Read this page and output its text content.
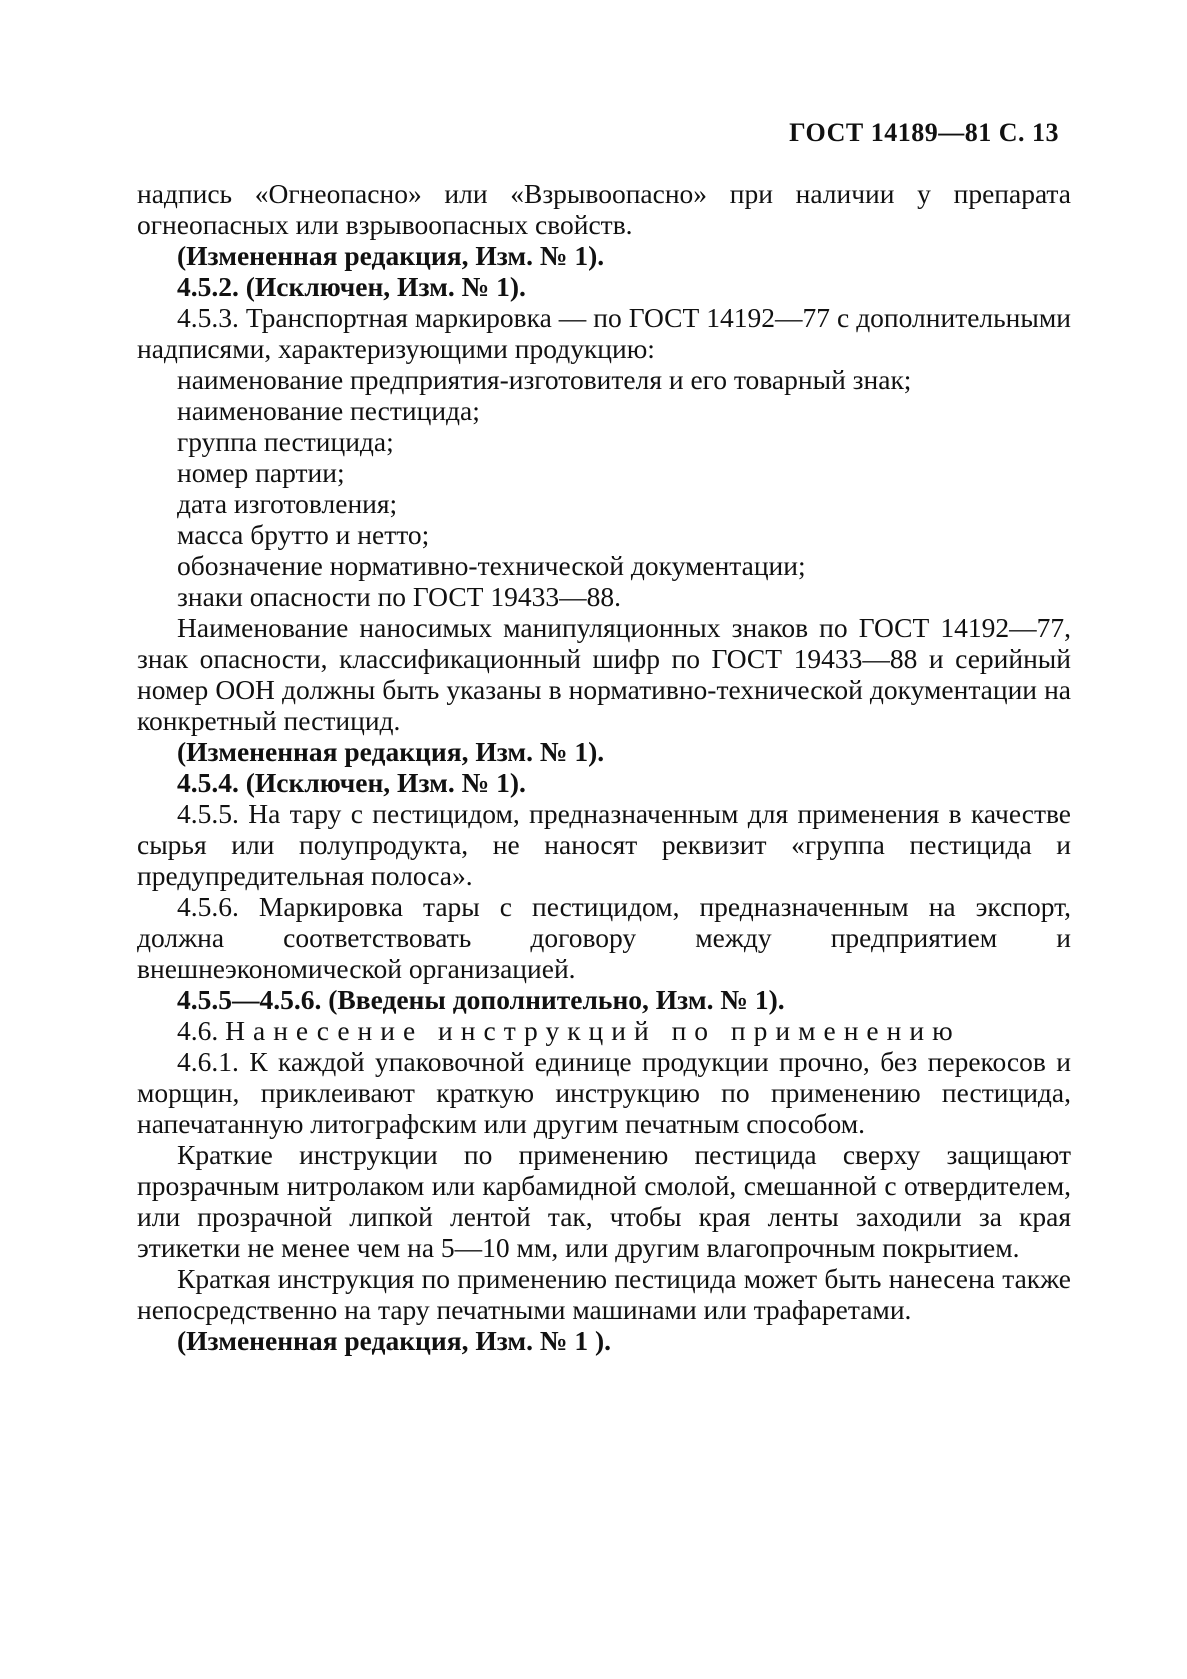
ГОСТ 14189—81 С. 13

надпись «Огнеопасно» или «Взрывоопасно» при наличии у препарата огнеопасных или взрывоопасных свойств.

(Измененная редакция, Изм. № 1).

4.5.2. (Исключен, Изм. № 1).

4.5.3. Транспортная маркировка — по ГОСТ 14192—77 с дополнительными надписями, характеризующими продукцию:

наименование предприятия-изготовителя и его товарный знак;

наименование пестицида;

группа пестицида;

номер партии;

дата изготовления;

масса брутто и нетто;

обозначение нормативно-технической документации;

знаки опасности по ГОСТ 19433—88.

Наименование наносимых манипуляционных знаков по ГОСТ 14192—77, знак опасности, классификационный шифр по ГОСТ 19433—88 и серийный номер ООН должны быть указаны в нормативно-технической документации на конкретный пестицид.

(Измененная редакция, Изм. № 1).

4.5.4. (Исключен, Изм. № 1).

4.5.5. На тару с пестицидом, предназначенным для применения в качестве сырья или полупродукта, не наносят реквизит «группа пестицида и предупредительная полоса».

4.5.6. Маркировка тары с пестицидом, предназначенным на экспорт, должна соответствовать договору между предприятием и внешнеэкономической организацией.

4.5.5—4.5.6. (Введены дополнительно, Изм. № 1).

4.6. Нанесение инструкций по применению

4.6.1. К каждой упаковочной единице продукции прочно, без перекосов и морщин, приклеивают краткую инструкцию по применению пестицида, напечатанную литографским или другим печатным способом.

Краткие инструкции по применению пестицида сверху защищают прозрачным нитролаком или карбамидной смолой, смешанной с отвердителем, или прозрачной липкой лентой так, чтобы края ленты заходили за края этикетки не менее чем на 5—10 мм, или другим влагопрочным покрытием.

Краткая инструкция по применению пестицида может быть нанесена также непосредственно на тару печатными машинами или трафаретами.

(Измененная редакция, Изм. № 1 ).
